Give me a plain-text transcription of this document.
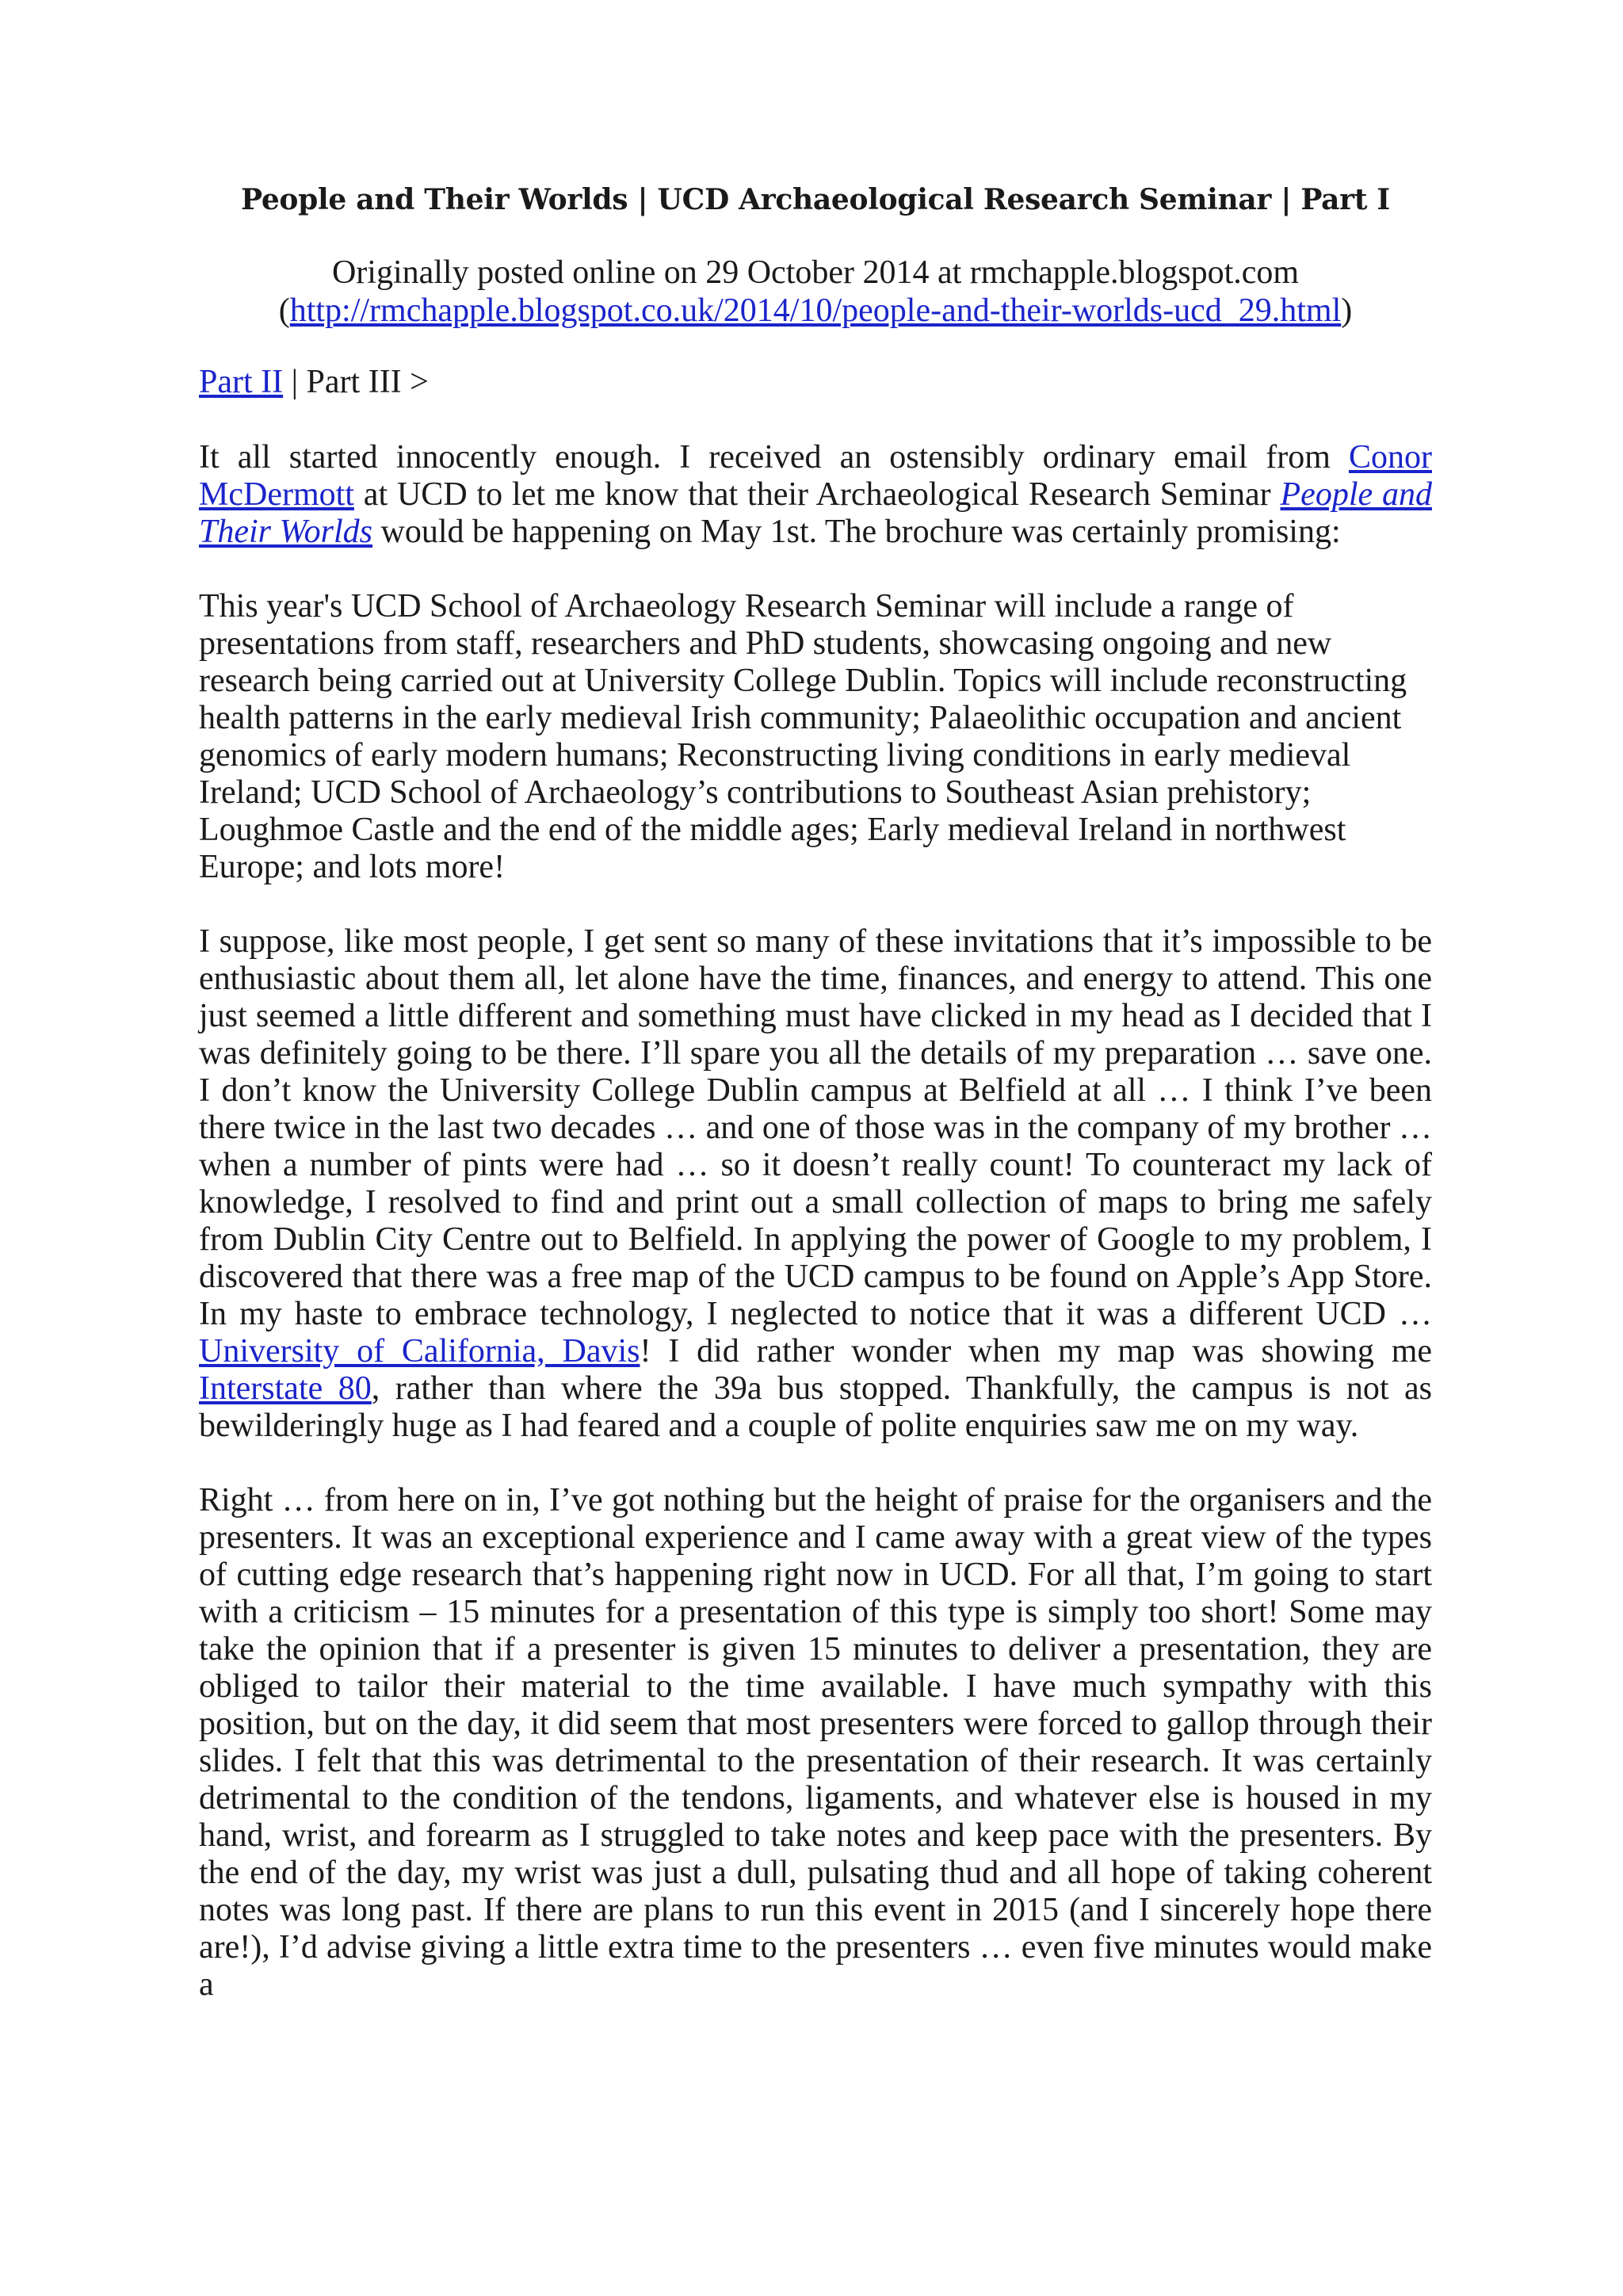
People and Their Worlds | UCD Archaeological Research Seminar | Part I
Originally posted online on 29 October 2014 at rmchapple.blogspot.com
(http://rmchapple.blogspot.co.uk/2014/10/people-and-their-worlds-ucd_29.html)
Part II | Part III >

It all started innocently enough. I received an ostensibly ordinary email from Conor McDermott at UCD to let me know that their Archaeological Research Seminar People and Their Worlds would be happening on May 1st. The brochure was certainly promising:

This year's UCD School of Archaeology Research Seminar will include a range of presentations from staff, researchers and PhD students, showcasing ongoing and new research being carried out at University College Dublin. Topics will include reconstructing health patterns in the early medieval Irish community; Palaeolithic occupation and ancient genomics of early modern humans; Reconstructing living conditions in early medieval Ireland; UCD School of Archaeology’s contributions to Southeast Asian prehistory; Loughmoe Castle and the end of the middle ages; Early medieval Ireland in northwest Europe; and lots more!

I suppose, like most people, I get sent so many of these invitations that it’s impossible to be enthusiastic about them all, let alone have the time, finances, and energy to attend. This one just seemed a little different and something must have clicked in my head as I decided that I was definitely going to be there. I’ll spare you all the details of my preparation … save one. I don’t know the University College Dublin campus at Belfield at all … I think I’ve been there twice in the last two decades … and one of those was in the company of my brother … when a number of pints were had … so it doesn’t really count! To counteract my lack of knowledge, I resolved to find and print out a small collection of maps to bring me safely from Dublin City Centre out to Belfield. In applying the power of Google to my problem, I discovered that there was a free map of the UCD campus to be found on Apple’s App Store. In my haste to embrace technology, I neglected to notice that it was a different UCD … University of California, Davis! I did rather wonder when my map was showing me Interstate 80, rather than where the 39a bus stopped. Thankfully, the campus is not as bewilderingly huge as I had feared and a couple of polite enquiries saw me on my way.

Right … from here on in, I’ve got nothing but the height of praise for the organisers and the presenters. It was an exceptional experience and I came away with a great view of the types of cutting edge research that’s happening right now in UCD. For all that, I’m going to start with a criticism – 15 minutes for a presentation of this type is simply too short! Some may take the opinion that if a presenter is given 15 minutes to deliver a presentation, they are obliged to tailor their material to the time available. I have much sympathy with this position, but on the day, it did seem that most presenters were forced to gallop through their slides. I felt that this was detrimental to the presentation of their research. It was certainly detrimental to the condition of the tendons, ligaments, and whatever else is housed in my hand, wrist, and forearm as I struggled to take notes and keep pace with the presenters. By the end of the day, my wrist was just a dull, pulsating thud and all hope of taking coherent notes was long past. If there are plans to run this event in 2015 (and I sincerely hope there are!), I’d advise giving a little extra time to the presenters … even five minutes would make a
